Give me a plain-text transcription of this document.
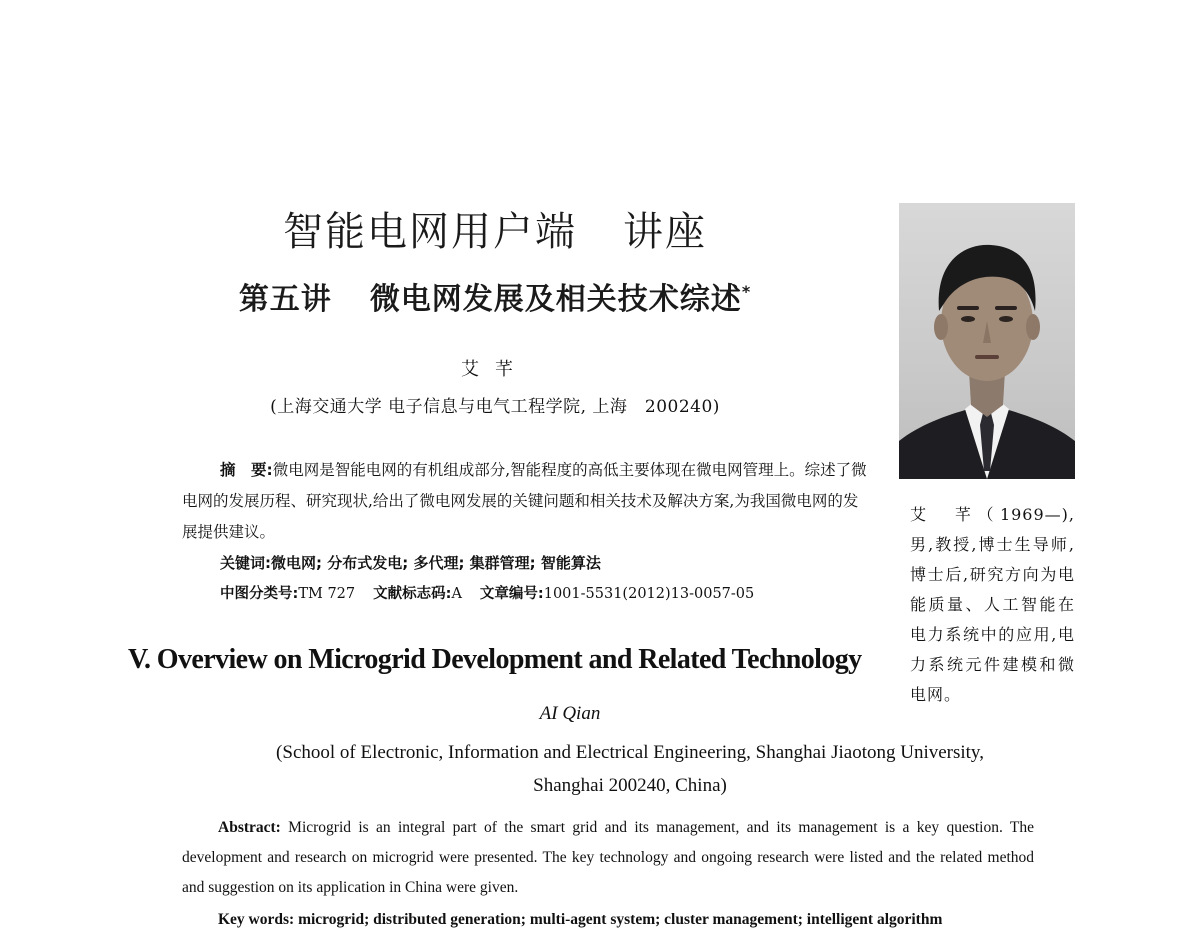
智能电网用户端 讲座
第五讲 微电网发展及相关技术综述*
艾芊
(上海交通大学 电子信息与电气工程学院, 上海　200240)
摘　要:微电网是智能电网的有机组成部分,智能程度的高低主要体现在微电网管理上。综述了微电网的发展历程、研究现状,给出了微电网发展的关键问题和相关技术及解决方案,为我国微电网的发展提供建议。
关键词:微电网; 分布式发电; 多代理; 集群管理; 智能算法
中图分类号:TM 727 文献标志码:A 文章编号:1001-5531(2012)13-0057-05
艾　芊（1969—),男,教授,博士生导师,博士后,研究方向为电能质量、人工智能在电力系统中的应用,电力系统元件建模和微电网。
V. Overview on Microgrid Development and Related Technology
AI Qian
(School of Electronic, Information and Electrical Engineering, Shanghai Jiaotong University,
Shanghai 200240, China)
Abstract: Microgrid is an integral part of the smart grid and its management, and its management is a key question. The development and research on microgrid were presented. The key technology and ongoing research were listed and the related method and suggestion on its application in China were given.
Key words: microgrid; distributed generation; multi-agent system; cluster management; intelligent algorithm
